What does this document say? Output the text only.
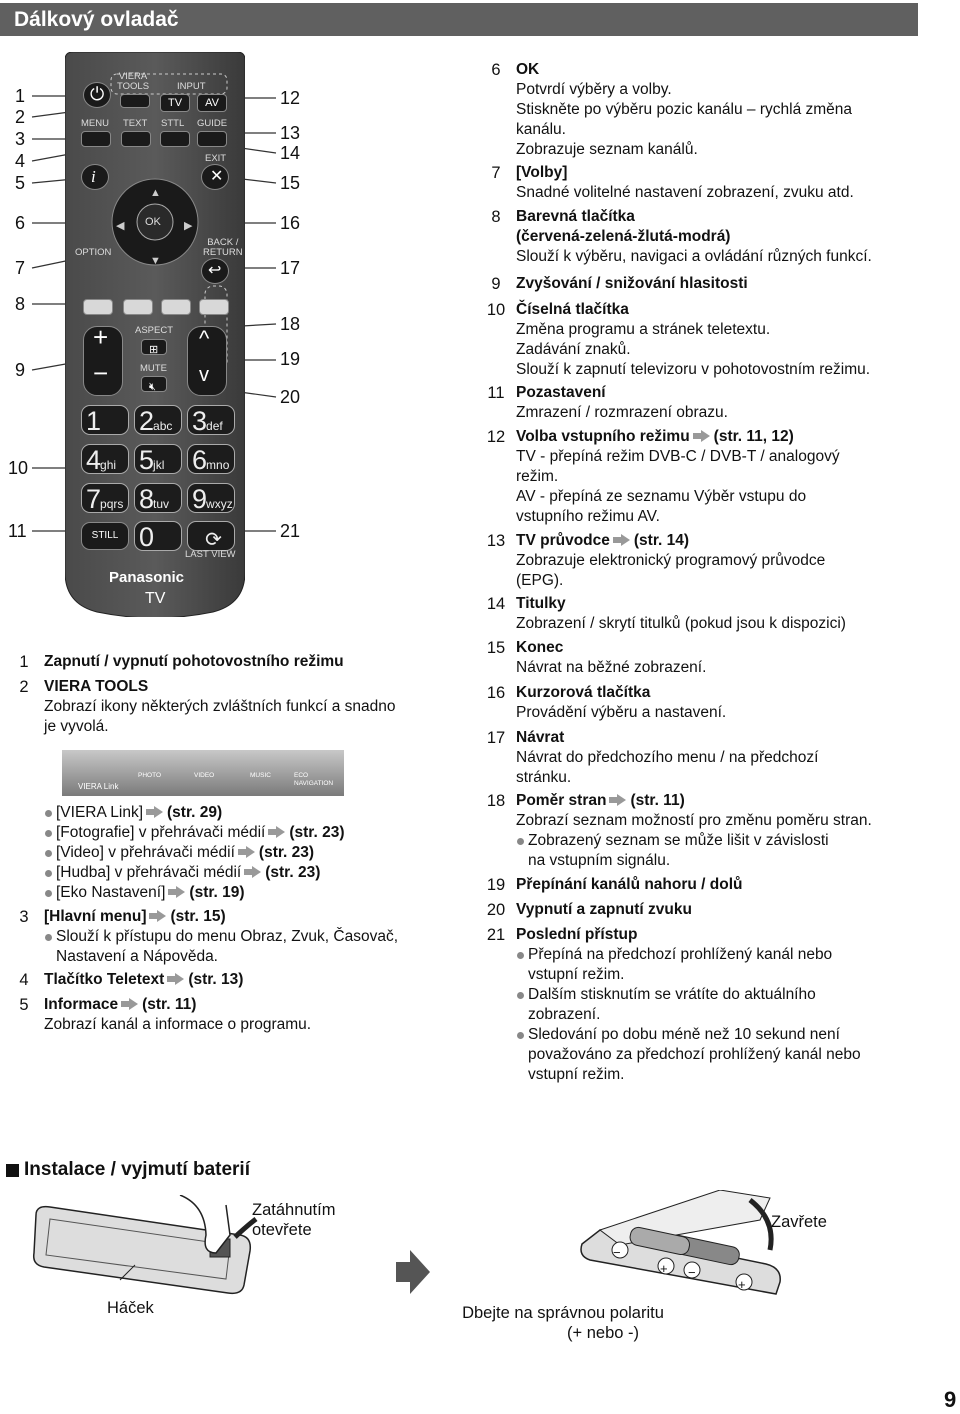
Dálkový ovladač
1
2
3
4
5
6
7
8
9
10
11
12
13
14
15
16
17
18
19
20
21
⏻
VIERA
TOOLS	INPUT
TV	AV
MENU TEXT STTL GUIDE
i
EXIT
✕
OK
▲
▼
◀	▶
OPTION
BACK /
RETURN
↩
+
−
ASPECT
⊞
MUTE
🔇︎
^
v
1	2abc 3def
4ghi 5jkl	6mno
7pqrs 8tuv 9wxyz
STILL 0	⟳
LAST VIEW
Panasonic
TV
1 Zapnutí / vypnutí pohotovostního režimu
2 VIERA TOOLS
Zobrazí ikony některých zvláštních funkcí a snadno
je vyvolá.
VIERA Link
PHOTO	VIDEO	MUSIC	ECO NAVIGATION
[VIERA Link] (str. 29)
[Fotografie] v přehrávači médií (str. 23)
[Video] v přehrávači médií (str. 23)
[Hudba] v přehrávači médií (str. 23)
[Eko Nastavení] (str. 19)
3 [Hlavní menu] (str. 15)
Slouží k přístupu do menu Obraz, Zvuk, Časovač,
Nastavení a Nápověda.
4 Tlačítko Teletext (str. 13)
5 Informace (str. 11)
Zobrazí kanál a informace o programu.
6 OK
Potvrdí výběry a volby.
Stiskněte po výběru pozic kanálu – rychlá změna
kanálu.
Zobrazuje seznam kanálů.
7 [Volby]
Snadné volitelné nastavení zobrazení, zvuku atd.
8 Barevná tlačítka
(červená-zelená-žlutá-modrá)
Slouží k výběru, navigaci a ovládání různých funkcí.
9 Zvyšování / snižování hlasitosti
10 Číselná tlačítka
Změna programu a stránek teletextu.
Zadávání znaků.
Slouží k zapnutí televizoru v pohotovostním režimu.
11 Pozastavení
Zmrazení / rozmrazení obrazu.
12 Volba vstupního režimu (str. 11, 12)
TV - přepíná režim DVB-C / DVB-T / analogový
režim.
AV - přepíná ze seznamu Výběr vstupu do
vstupního režimu AV.
13 TV průvodce (str. 14)
Zobrazuje elektronický programový průvodce
(EPG).
14 Titulky
Zobrazení / skrytí titulků (pokud jsou k dispozici)
15 Konec
Návrat na běžné zobrazení.
16 Kurzorová tlačítka
Provádění výběru a nastavení.
17 Návrat
Návrat do předchozího menu / na předchozí
stránku.
18 Poměr stran (str. 11)
Zobrazí seznam možností pro změnu poměru stran.
Zobrazený seznam se může lišit v závislosti
na vstupním signálu.
19 Přepínání kanálů nahoru / dolů
20 Vypnutí a zapnutí zvuku
21 Poslední přístup
Přepíná na předchozí prohlížený kanál nebo
vstupní režim.
Dalším stisknutím se vrátíte do aktuálního
zobrazení.
Sledování po dobu méně než 10 sekund není
považováno za předchozí prohlížený kanál nebo
vstupní režim.
Instalace / vyjmutí baterií
Zatáhnutím
otevřete
Háček
−
+ −
+
Zavřete
Dbejte na správnou polaritu
(+ nebo -)
9
